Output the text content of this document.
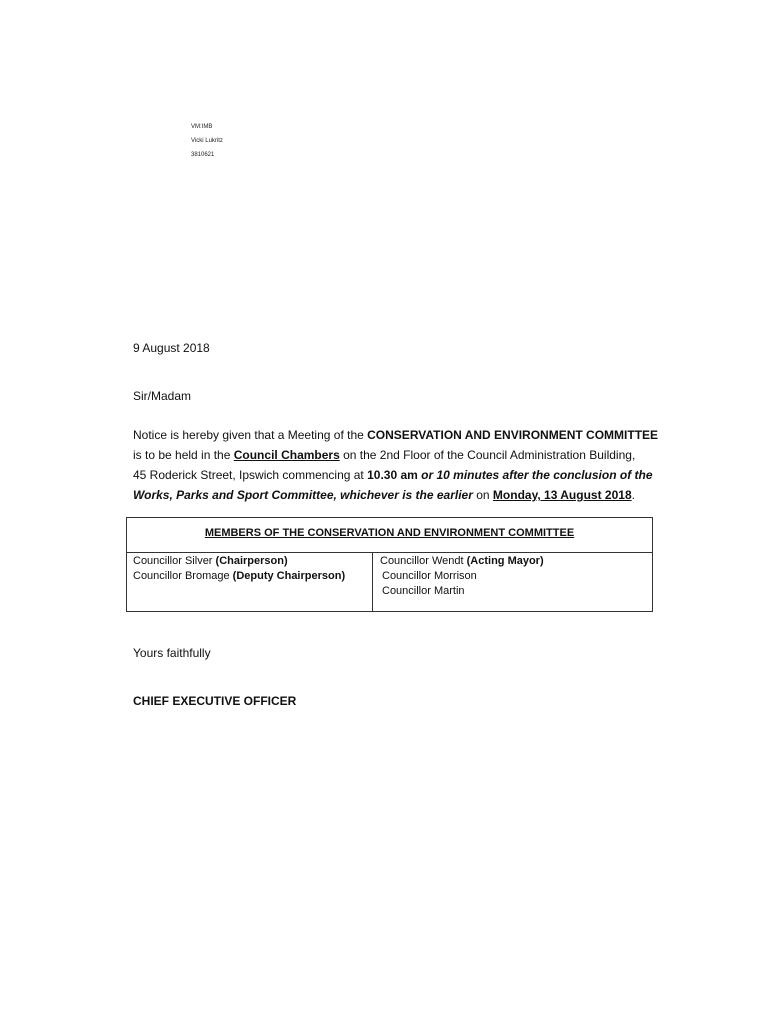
VM:IMB
Vicki Lukritz
3810621
9 August 2018
Sir/Madam
Notice is hereby given that a Meeting of the CONSERVATION AND ENVIRONMENT COMMITTEE
is to be held in the Council Chambers on the 2nd Floor of the Council Administration Building,
45 Roderick Street, Ipswich commencing at 10.30 am or 10 minutes after the conclusion of the
Works, Parks and Sport Committee, whichever is the earlier on Monday, 13 August 2018.
MEMBERS OF THE CONSERVATION AND ENVIRONMENT COMMITTEE
Councillor Silver (Chairperson)
Councillor Bromage (Deputy Chairperson)
Councillor Wendt (Acting Mayor)
Councillor Morrison
Councillor Martin
Yours faithfully
CHIEF EXECUTIVE OFFICER
